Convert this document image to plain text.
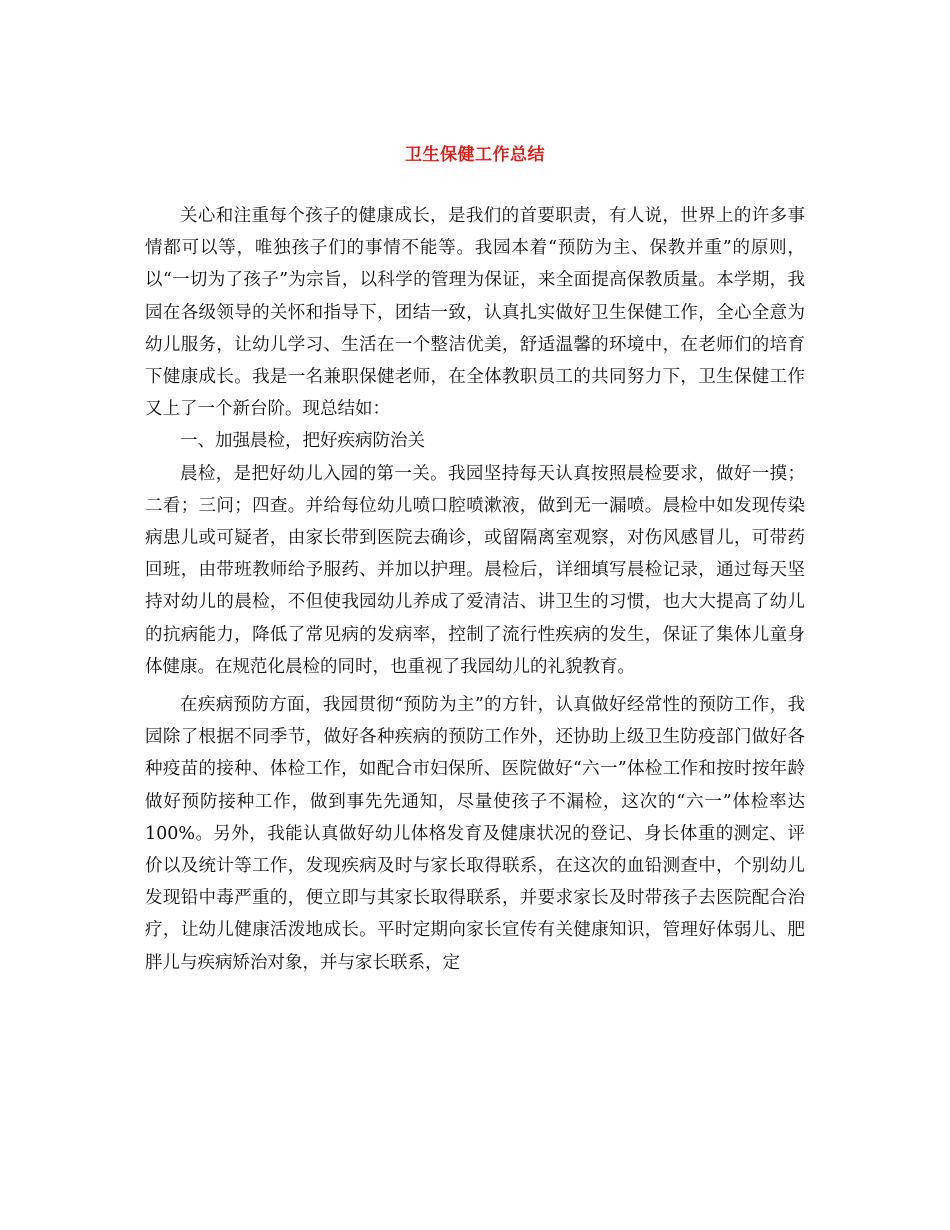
卫生保健工作总结

关心和注重每个孩子的健康成长，是我们的首要职责，有人说，世界上的许多事情都可以等，唯独孩子们的事情不能等。我园本着“预防为主、保教并重”的原则，以“一切为了孩子”为宗旨，以科学的管理为保证，来全面提高保教质量。本学期，我园在各级领导的关怀和指导下，团结一致，认真扎实做好卫生保健工作，全心全意为幼儿服务，让幼儿学习、生活在一个整洁优美，舒适温馨的环境中，在老师们的培育下健康成长。我是一名兼职保健老师，在全体教职员工的共同努力下，卫生保健工作又上了一个新台阶。现总结如：

一、加强晨检，把好疾病防治关

晨检，是把好幼儿入园的第一关。我园坚持每天认真按照晨检要求，做好一摸；二看；三问；四查。并给每位幼儿喷口腔喷漱液，做到无一漏喷。晨检中如发现传染病患儿或可疑者，由家长带到医院去确诊，或留隔离室观察，对伤风感冒儿，可带药回班，由带班教师给予服药、并加以护理。晨检后，详细填写晨检记录，通过每天坚持对幼儿的晨检，不但使我园幼儿养成了爱清洁、讲卫生的习惯，也大大提高了幼儿的抗病能力，降低了常见病的发病率，控制了流行性疾病的发生，保证了集体儿童身体健康。在规范化晨检的同时，也重视了我园幼儿的礼貌教育。

在疾病预防方面，我园贯彻“预防为主”的方针，认真做好经常性的预防工作，我园除了根据不同季节，做好各种疾病的预防工作外，还协助上级卫生防疫部门做好各种疫苗的接种、体检工作，如配合市妇保所、医院做好“六一”体检工作和按时按年龄做好预防接种工作，做到事先先通知，尽量使孩子不漏检，这次的“六一”体检率达100%。另外，我能认真做好幼儿体格发育及健康状况的登记、身长体重的测定、评价以及统计等工作，发现疾病及时与家长取得联系，在这次的血铅测查中，个别幼儿发现铅中毒严重的，便立即与其家长取得联系，并要求家长及时带孩子去医院配合治疗，让幼儿健康活泼地成长。平时定期向家长宣传有关健康知识，管理好体弱儿、肥胖儿与疾病矫治对象，并与家长联系，定
